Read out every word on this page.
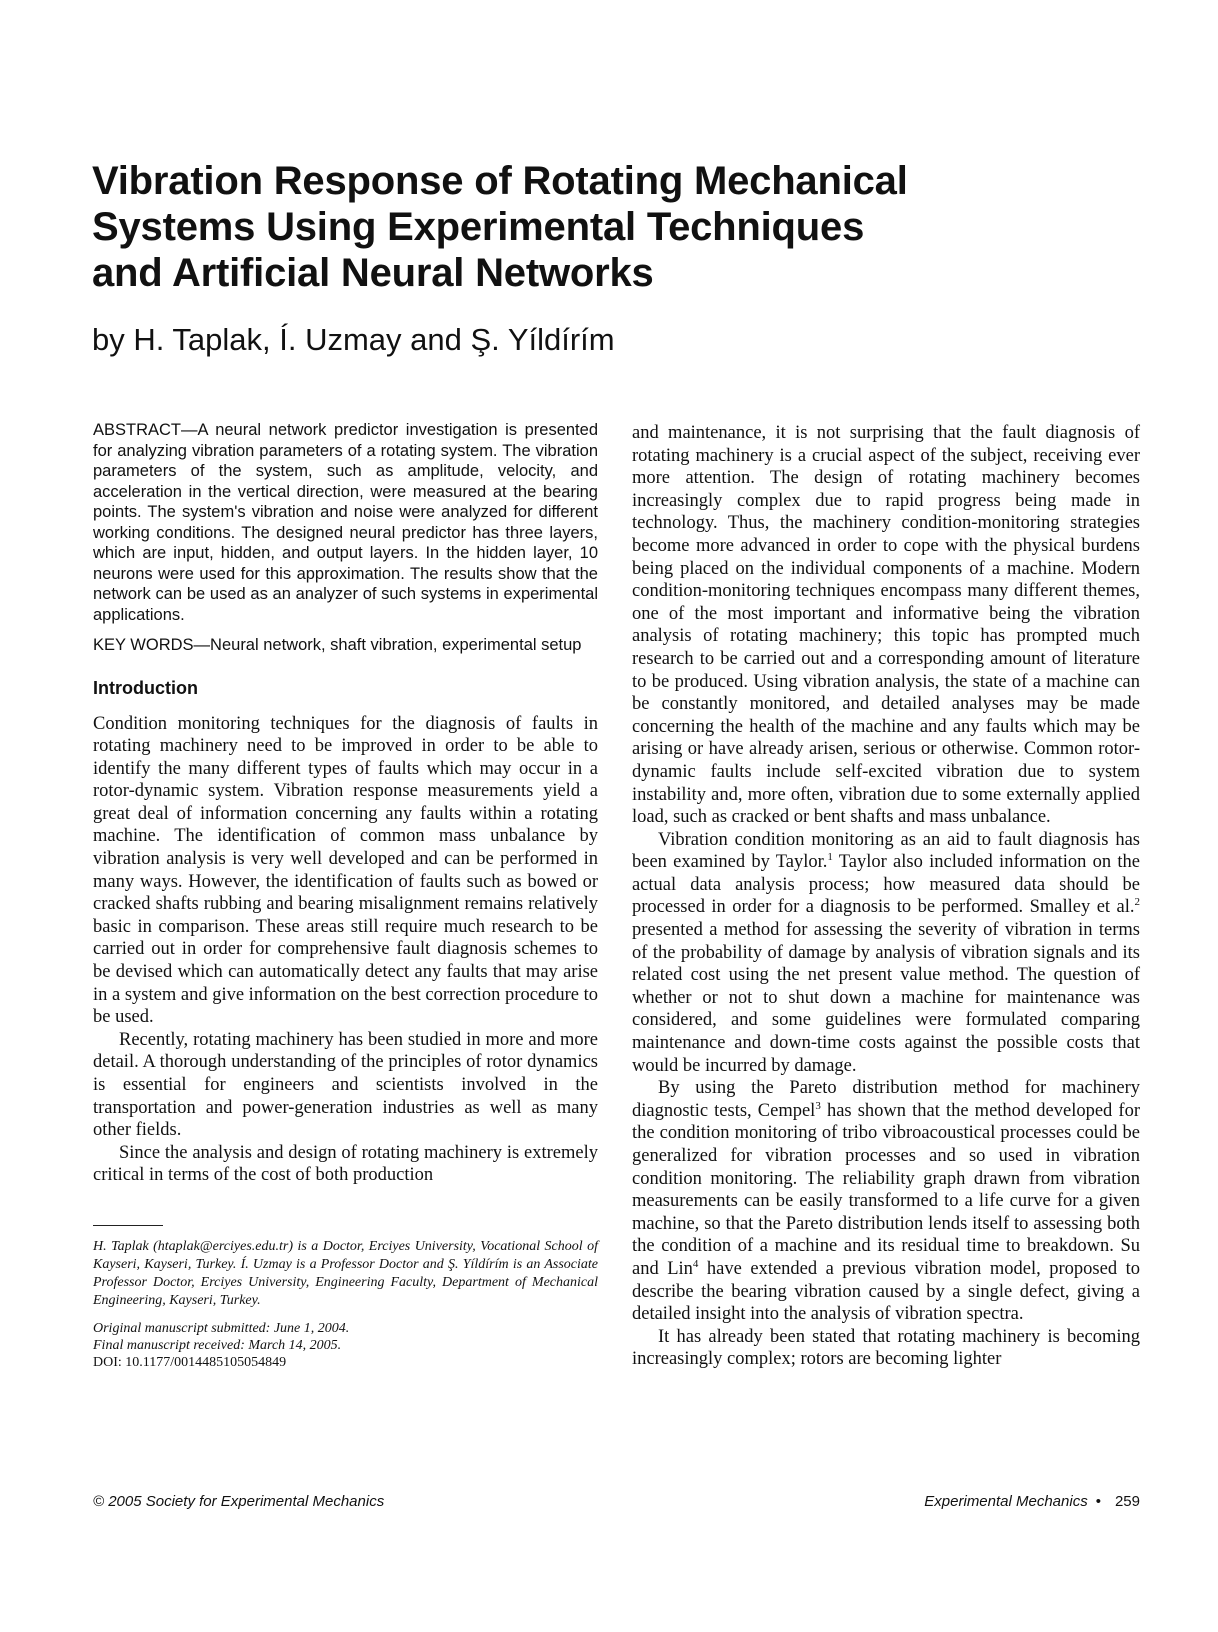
Vibration Response of Rotating Mechanical
Systems Using Experimental Techniques
and Artificial Neural Networks

by H. Taplak, Í. Uzmay and Ş. Yíldírím

ABSTRACT—A neural network predictor investigation is presented for analyzing vibration parameters of a rotating system. The vibration parameters of the system, such as amplitude, velocity, and acceleration in the vertical direction, were measured at the bearing points. The system's vibration and noise were analyzed for different working conditions. The designed neural predictor has three layers, which are input, hidden, and output layers. In the hidden layer, 10 neurons were used for this approximation. The results show that the network can be used as an analyzer of such systems in experimental applications.

KEY WORDS—Neural network, shaft vibration, experimental setup

Introduction

Condition monitoring techniques for the diagnosis of faults in rotating machinery need to be improved in order to be able to identify the many different types of faults which may occur in a rotor-dynamic system. Vibration response measurements yield a great deal of information concerning any faults within a rotating machine. The identification of common mass unbalance by vibration analysis is very well developed and can be performed in many ways. However, the identification of faults such as bowed or cracked shafts rubbing and bearing misalignment remains relatively basic in comparison. These areas still require much research to be carried out in order for comprehensive fault diagnosis schemes to be devised which can automatically detect any faults that may arise in a system and give information on the best correction procedure to be used.

Recently, rotating machinery has been studied in more and more detail. A thorough understanding of the principles of rotor dynamics is essential for engineers and scientists involved in the transportation and power-generation industries as well as many other fields.

Since the analysis and design of rotating machinery is extremely critical in terms of the cost of both production

H. Taplak (htaplak@erciyes.edu.tr) is a Doctor, Erciyes University, Vocational School of Kayseri, Kayseri, Turkey. Í. Uzmay is a Professor Doctor and Ş. Yíldírím is an Associate Professor Doctor, Erciyes University, Engineering Faculty, Department of Mechanical Engineering, Kayseri, Turkey.

Original manuscript submitted: June 1, 2004.

Final manuscript received: March 14, 2005.

DOI: 10.1177/0014485105054849

and maintenance, it is not surprising that the fault diagnosis of rotating machinery is a crucial aspect of the subject, receiving ever more attention. The design of rotating machinery becomes increasingly complex due to rapid progress being made in technology. Thus, the machinery condition-monitoring strategies become more advanced in order to cope with the physical burdens being placed on the individual components of a machine. Modern condition-monitoring techniques encompass many different themes, one of the most important and informative being the vibration analysis of rotating machinery; this topic has prompted much research to be carried out and a corresponding amount of literature to be produced. Using vibration analysis, the state of a machine can be constantly monitored, and detailed analyses may be made concerning the health of the machine and any faults which may be arising or have already arisen, serious or otherwise. Common rotor-dynamic faults include self-excited vibration due to system instability and, more often, vibration due to some externally applied load, such as cracked or bent shafts and mass unbalance.

Vibration condition monitoring as an aid to fault diagnosis has been examined by Taylor.$^1$ Taylor also included information on the actual data analysis process; how measured data should be processed in order for a diagnosis to be performed. Smalley et al.$^2$ presented a method for assessing the severity of vibration in terms of the probability of damage by analysis of vibration signals and its related cost using the net present value method. The question of whether or not to shut down a machine for maintenance was considered, and some guidelines were formulated comparing maintenance and down-time costs against the possible costs that would be incurred by damage.

By using the Pareto distribution method for machinery diagnostic tests, Cempel$^3$ has shown that the method developed for the condition monitoring of tribo vibroacoustical processes could be generalized for vibration processes and so used in vibration condition monitoring. The reliability graph drawn from vibration measurements can be easily transformed to a life curve for a given machine, so that the Pareto distribution lends itself to assessing both the condition of a machine and its residual time to breakdown. Su and Lin$^4$ have extended a previous vibration model, proposed to describe the bearing vibration caused by a single defect, giving a detailed insight into the analysis of vibration spectra.

It has already been stated that rotating machinery is becoming increasingly complex; rotors are becoming lighter

© 2005 Society for Experimental Mechanics	Experimental Mechanics • 259
